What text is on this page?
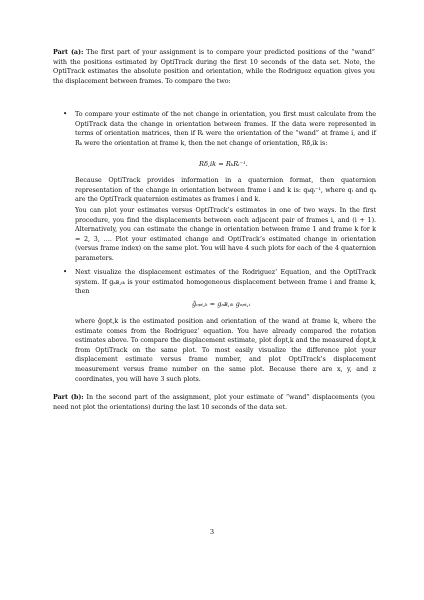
Part (a): The first part of your assignment is to compare your predicted positions of the “wand” with the positions estimated by OptiTrack during the first 10 seconds of the data set. Note, the OptiTrack estimates the absolute position and orientation, while the Rodriguez equation gives you the displacement between frames. To compare the two:

• To compare your estimate of the net change in orientation, you first must calculate from the OptiTrack data the change in orientation between frames. If the data were represented in terms of orientation matrices, then if Rᵢ were the orientation of the “wand” at frame i, and if Rₖ were the orientation at frame k, then the net change of orientation, Rδ,ik is:

Rδ,ik = RₖRᵢ⁻¹.

Because OptiTrack provides information in a quaternion format, then quaternion representation of the change in orientation between frame i and k is: qₖqᵢ⁻¹, where qᵢ and qₖ are the OptiTrack quaternion estimates as frames i and k.

You can plot your estimates versus OptiTrack’s estimates in one of two ways. In the first procedure, you find the displacements between each adjacent pair of frames i, and (i + 1). Alternatively, you can estimate the change in orientation between frame 1 and frame k for k = 2, 3, …. Plot your estimated change and OptiTrack’s estimated change in orientation (versus frame index) on the same plot. You will have 4 such plots for each of the 4 quaternion parameters.

• Next visualize the displacement estimates of the Rodriguez’ Equation, and the OptiTrack system. If gₐʙ,ᵢₖ is your estimated homogeneous displacement between frame i and frame k, then

ĝₒₚₜ,ₖ = gₐʙ,ᵢₖ gₒₚₜ,ᵢ

where ĝopt,k is the estimated position and orientation of the wand at frame k, where the estimate comes from the Rodriguez’ equation. You have already compared the rotation estimates above. To compare the displacement estimate, plot d̂opt,k and the measured d̂opt,k from OptiTrack on the same plot. To most easily visualize the difference plot your displacement estimate versus frame number, and plot OptiTrack’s displacement measurement versus frame number on the same plot. Because there are x, y, and z coordinates, you will have 3 such plots.

Part (b): In the second part of the assignment, plot your estimate of “wand” displacements (you need not plot the orientations) during the last 10 seconds of the data set.

3
